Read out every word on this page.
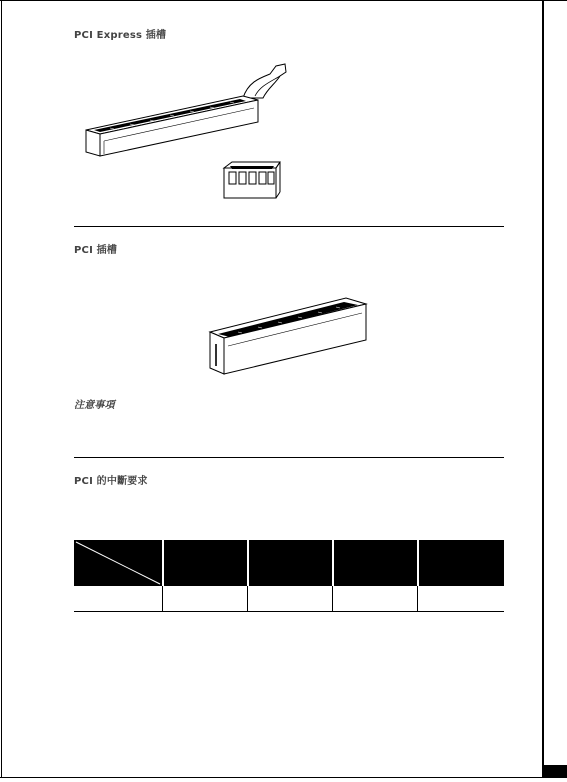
PCI Express 插槽
PCI 插槽
注意事項
PCI 的中斷要求
